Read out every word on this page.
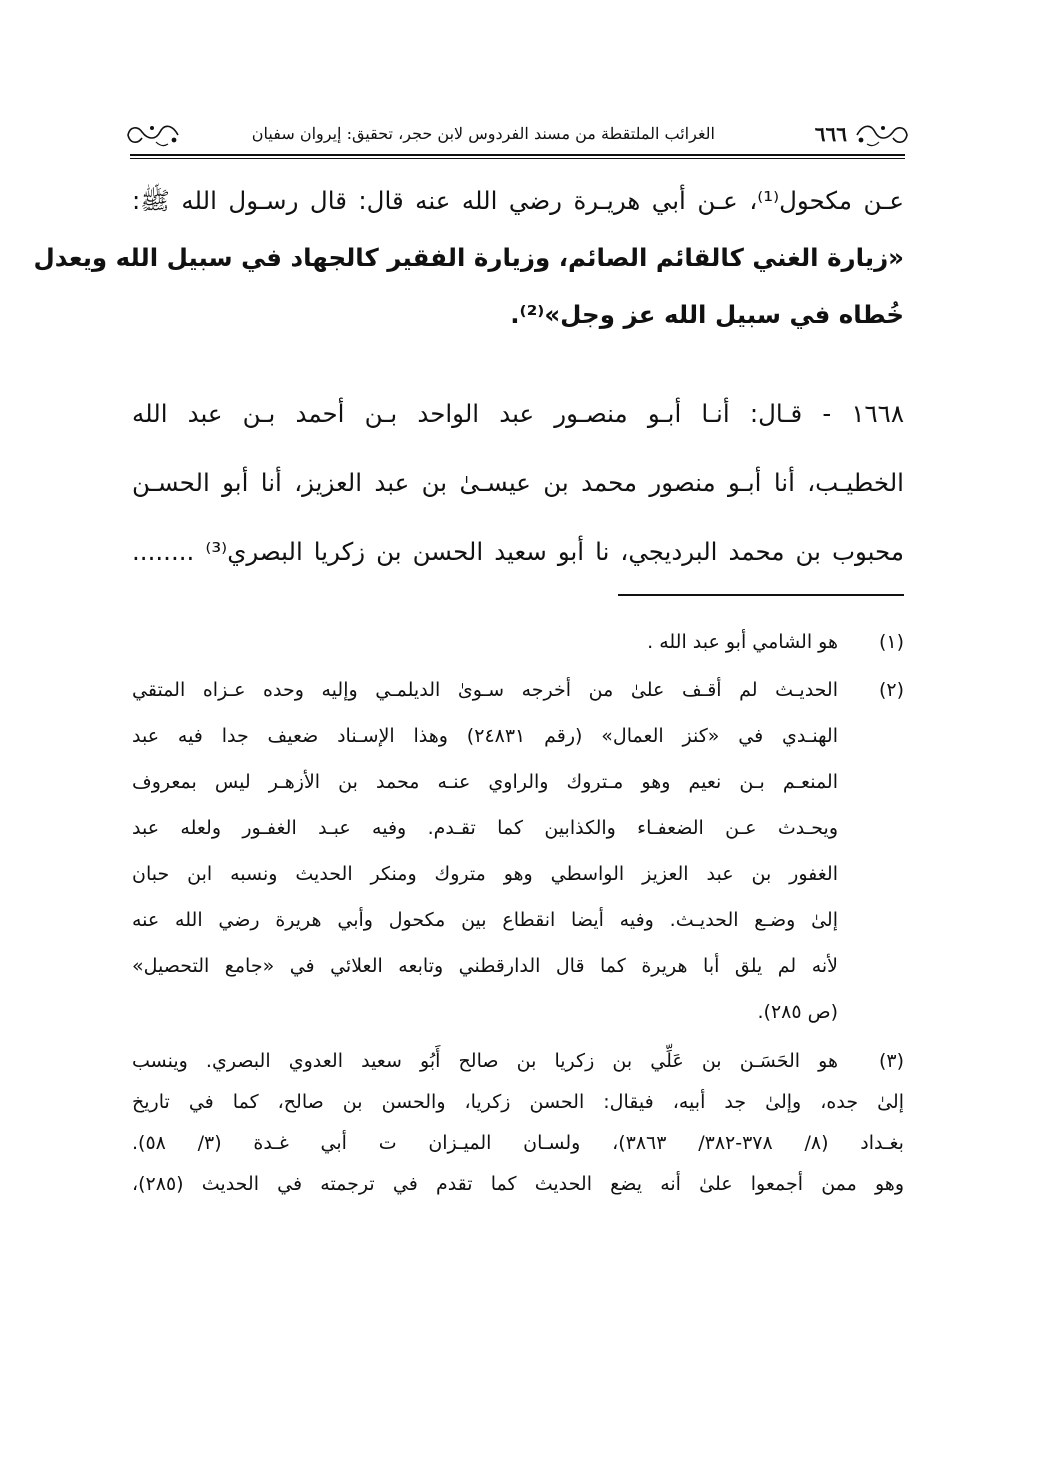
٦٦٦
الغرائب الملتقطة من مسند الفردوس لابن حجر، تحقيق: إيروان سفيان
عـن مكحول⁽¹⁾، عـن أبي هريـرة رضي الله عنه قال: قال رسـول الله ﷺ:
«زيارة الغني كالقائم الصائم، وزيارة الفقير كالجهاد في سبيل الله ويعدل
خُطاه في سبيل الله عز وجل»⁽²⁾.
١٦٦٨ - قـال: أنـا أبـو منصـور عبد الواحد بـن أحمد بـن عبد الله
الخطيـب، أنا أبـو منصور محمد بن عيسـىٰ بن عبد العزيز، أنا أبو الحسـن
محبوب بن محمد البرديجي، نا أبو سعيد الحسن بن زكريا البصري⁽³⁾ ........
(١)
هو الشامي أبو عبد الله .
(٢)
الحديـث لم أقـف علىٰ من أخرجه سـوىٰ الديلمـي وإليه وحده عـزاه المتقي
الهنـدي في «كنز العمال» (رقم ٢٤٨٣١) وهذا الإسـناد ضعيف جدا فيه عبد
المنعـم بـن نعيم وهو مـتروك والراوي عنـه محمد بن الأزهـر ليس بمعروف
ويحـدث عـن الضعفـاء والكذابين كما تقـدم. وفيه عبـد الغفـور ولعله عبد
الغفور بن عبد العزيز الواسطي وهو متروك ومنكر الحديث ونسبه ابن حبان
إلىٰ وضـع الحديـث. وفيه أيضا انقطاع بين مكحول وأبي هريرة رضي الله عنه
لأنه لم يلق أبا هريرة كما قال الدارقطني وتابعه العلائي في «جامع التحصيل»
(ص ٢٨٥).
(٣)
هو الحَسَـن بن عَلِّي بن زكريا بن صالح أَبُو سعيد العدوي البصري. وينسب
إلىٰ جده، وإلىٰ جد أبيه، فيقال: الحسن زكريا، والحسن بن صالح، كما في تاريخ
بغـداد (٨/ ٣٧٨-٣٨٢/ ٣٨٦٣)، ولسـان الميـزان ت أبي غـدة (٣/ ٥٨).
وهو ممن أجمعوا علىٰ أنه يضع الحديث كما تقدم في ترجمته في الحديث (٢٨٥)،
